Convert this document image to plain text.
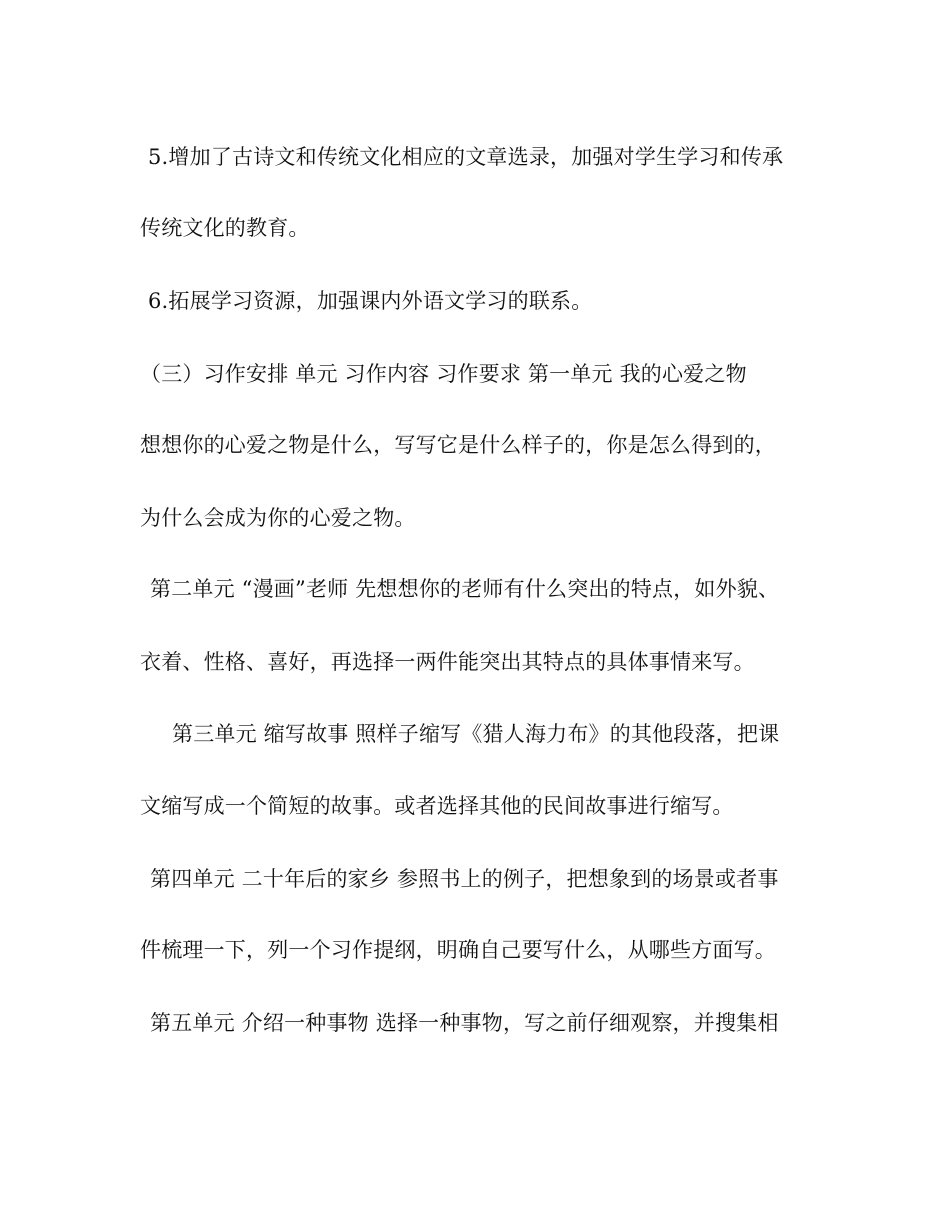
5.增加了古诗文和传统文化相应的文章选录，加强对学生学习和传承
传统文化的教育。
6.拓展学习资源，加强课内外语文学习的联系。
（三）习作安排 单元 习作内容 习作要求 第一单元 我的心爱之物
想想你的心爱之物是什么，写写它是什么样子的，你是怎么得到的，
为什么会成为你的心爱之物。
第二单元 “漫画”老师 先想想你的老师有什么突出的特点，如外貌、
衣着、性格、喜好，再选择一两件能突出其特点的具体事情来写。
第三单元 缩写故事 照样子缩写《猎人海力布》的其他段落，把课
文缩写成一个简短的故事。或者选择其他的民间故事进行缩写。
第四单元 二十年后的家乡 参照书上的例子，把想象到的场景或者事
件梳理一下，列一个习作提纲，明确自己要写什么，从哪些方面写。
第五单元 介绍一种事物 选择一种事物，写之前仔细观察，并搜集相
